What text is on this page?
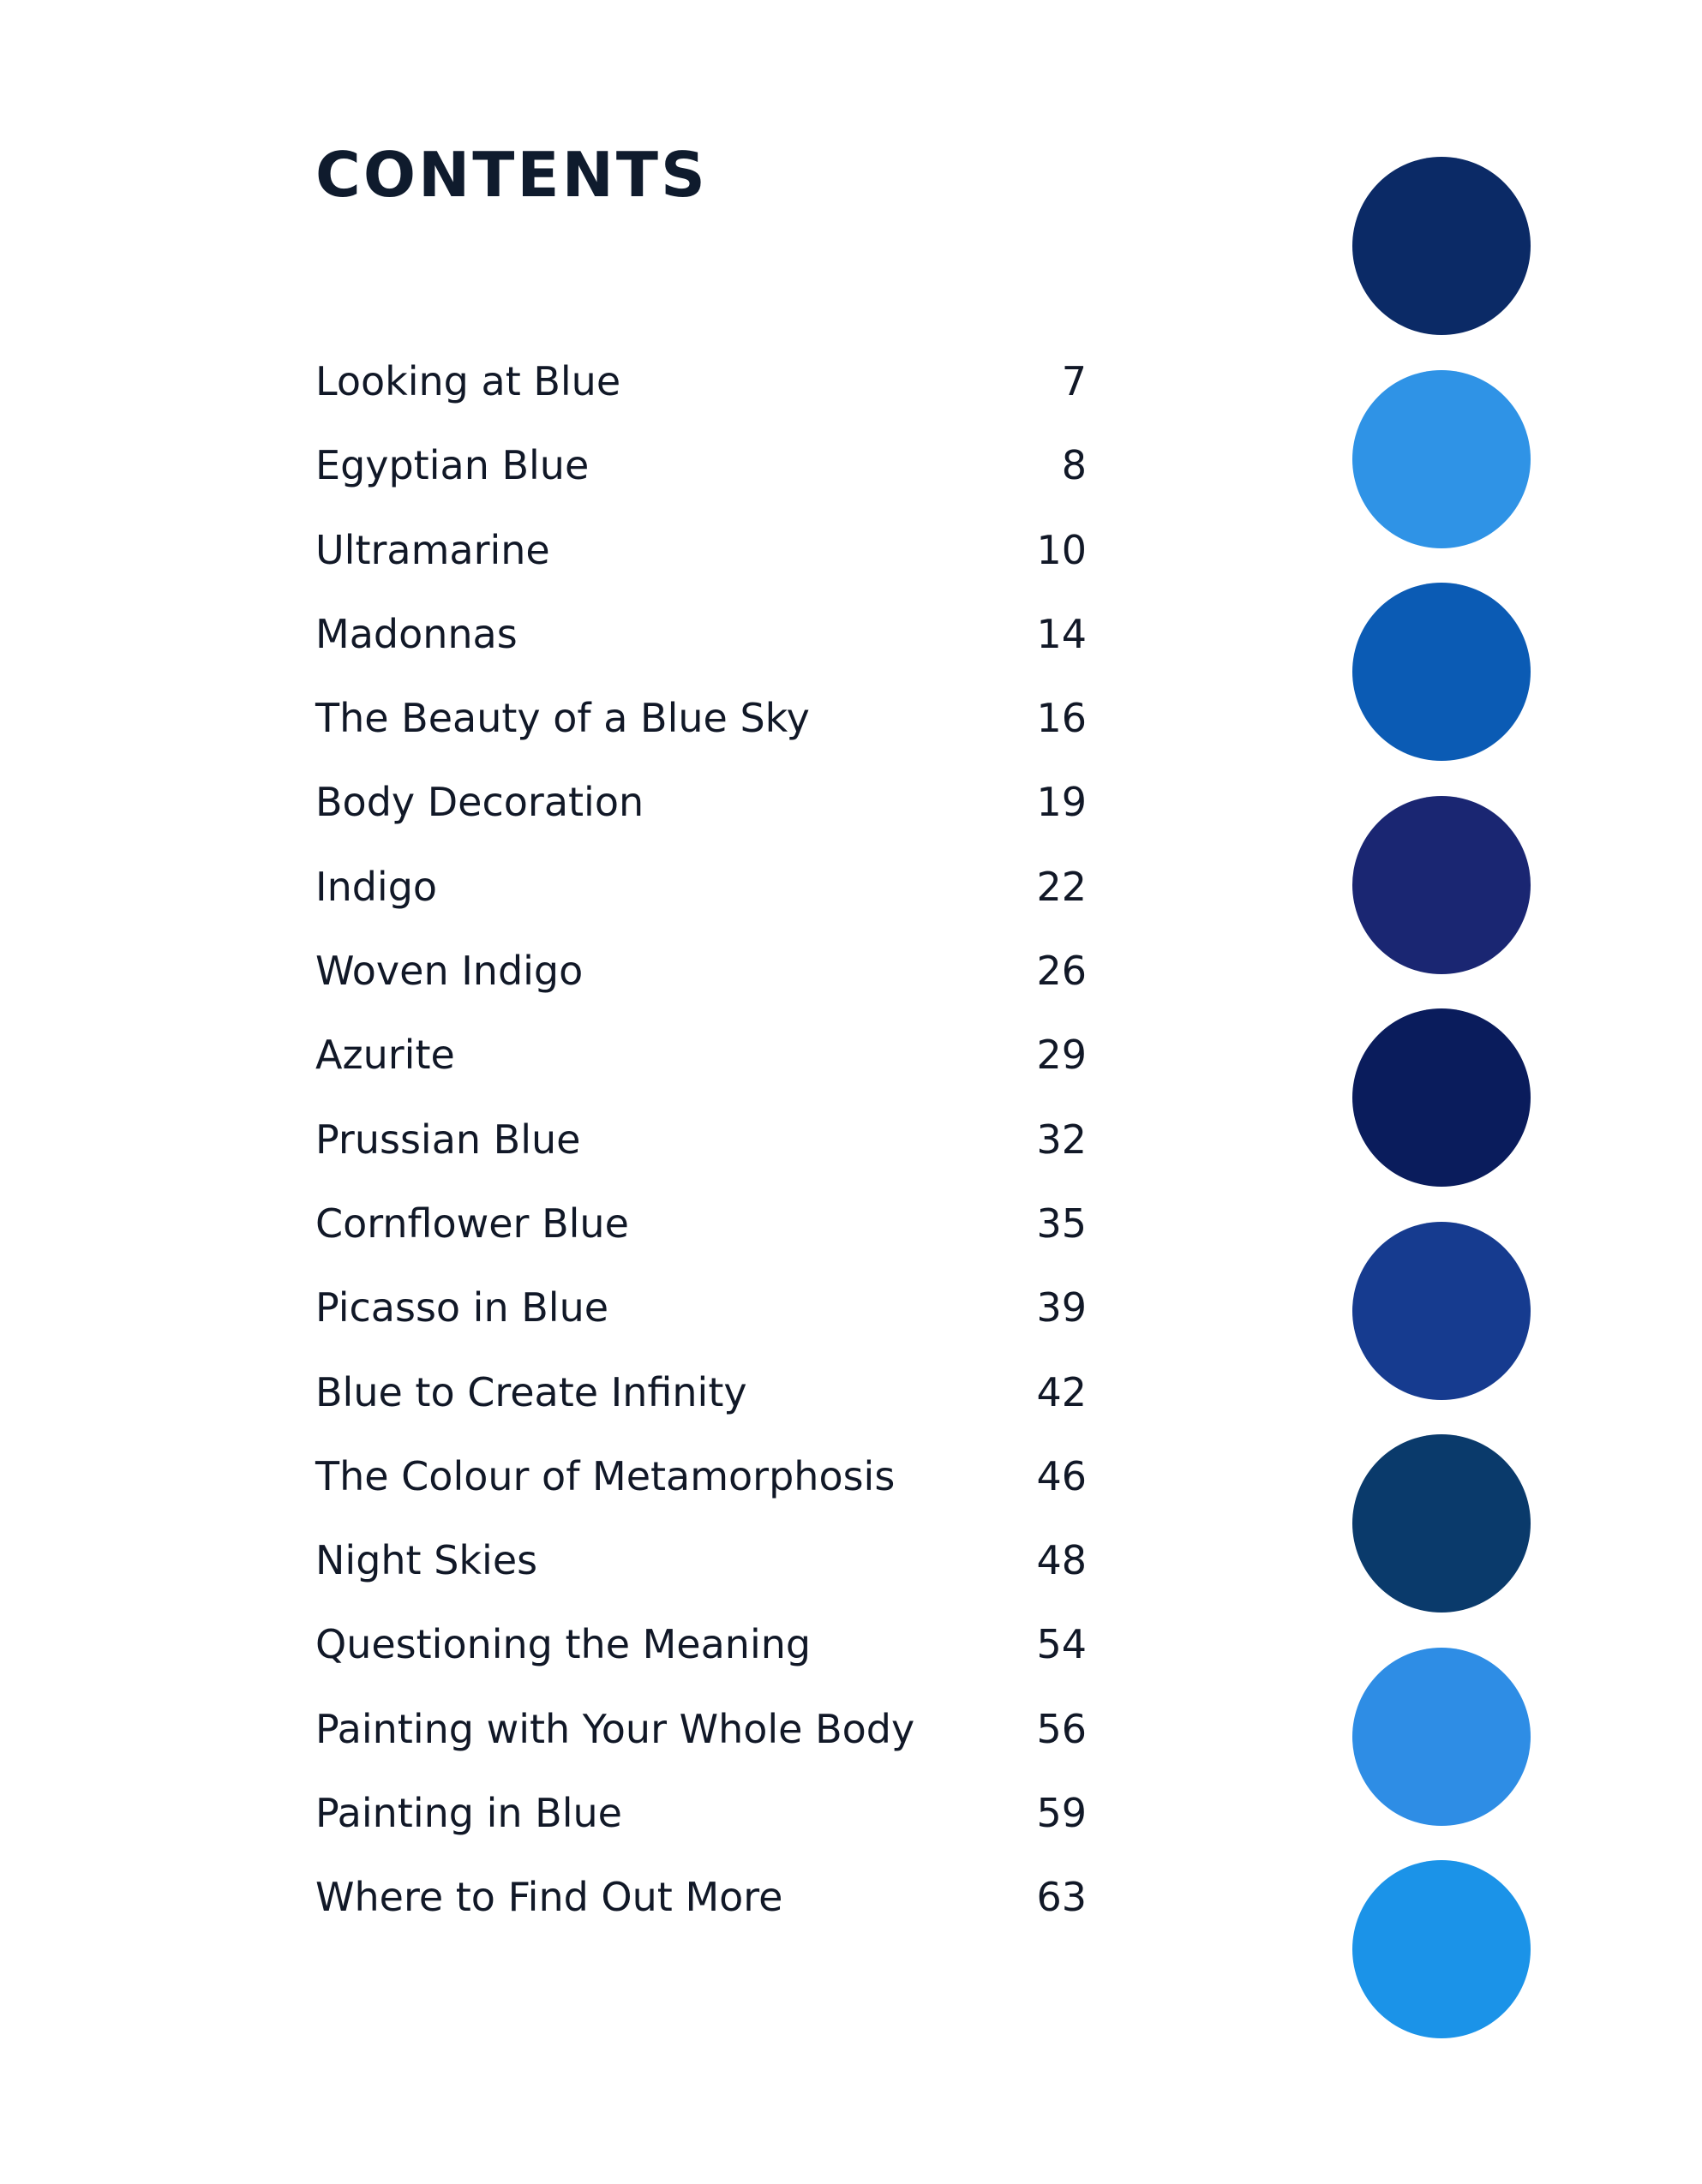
CONTENTS
Looking at Blue	7
Egyptian Blue	8
Ultramarine	10
Madonnas	14
The Beauty of a Blue Sky	16
Body Decoration	19
Indigo	22
Woven Indigo	26
Azurite	29
Prussian Blue	32
Cornflower Blue	35
Picasso in Blue	39
Blue to Create Infinity	42
The Colour of Metamorphosis	46
Night Skies	48
Questioning the Meaning	54
Painting with Your Whole Body	56
Painting in Blue	59
Where to Find Out More	63
